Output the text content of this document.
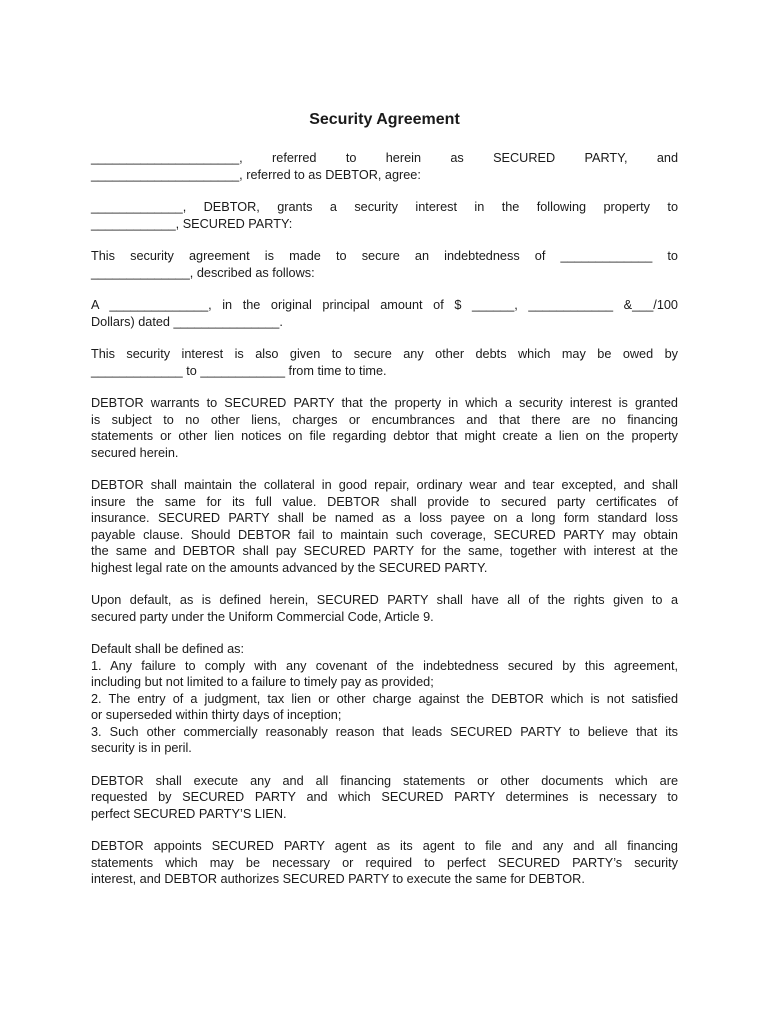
Security Agreement
_____________________, referred to herein as SECURED PARTY, and
_____________________, referred to as DEBTOR, agree:
_____________, DEBTOR, grants a security interest in the following property to
____________, SECURED PARTY:
This security agreement is made to secure an indebtedness of _____________ to
______________, described as follows:
A ______________, in the original principal amount of $ ______, ____________ &___/100
Dollars) dated _______________.
This security interest is also given to secure any other debts which may be owed by
_____________ to ____________ from time to time.
DEBTOR warrants to SECURED PARTY that the property in which a security interest is granted
is subject to no other liens, charges or encumbrances and that there are no financing
statements or other lien notices on file regarding debtor that might create a lien on the property
secured herein.
DEBTOR shall maintain the collateral in good repair, ordinary wear and tear excepted, and shall
insure the same for its full value. DEBTOR shall provide to secured party certificates of
insurance. SECURED PARTY shall be named as a loss payee on a long form standard loss
payable clause. Should DEBTOR fail to maintain such coverage, SECURED PARTY may obtain
the same and DEBTOR shall pay SECURED PARTY for the same, together with interest at the
highest legal rate on the amounts advanced by the SECURED PARTY.
Upon default, as is defined herein, SECURED PARTY shall have all of the rights given to a
secured party under the Uniform Commercial Code, Article 9.
Default shall be defined as:
1. Any failure to comply with any covenant of the indebtedness secured by this agreement,
including but not limited to a failure to timely pay as provided;
2. The entry of a judgment, tax lien or other charge against the DEBTOR which is not satisfied
or superseded within thirty days of inception;
3. Such other commercially reasonably reason that leads SECURED PARTY to believe that its
security is in peril.
DEBTOR shall execute any and all financing statements or other documents which are
requested by SECURED PARTY and which SECURED PARTY determines is necessary to
perfect SECURED PARTY’S LIEN.
DEBTOR appoints SECURED PARTY agent as its agent to file and any and all financing
statements which may be necessary or required to perfect SECURED PARTY’s security
interest, and DEBTOR authorizes SECURED PARTY to execute the same for DEBTOR.
